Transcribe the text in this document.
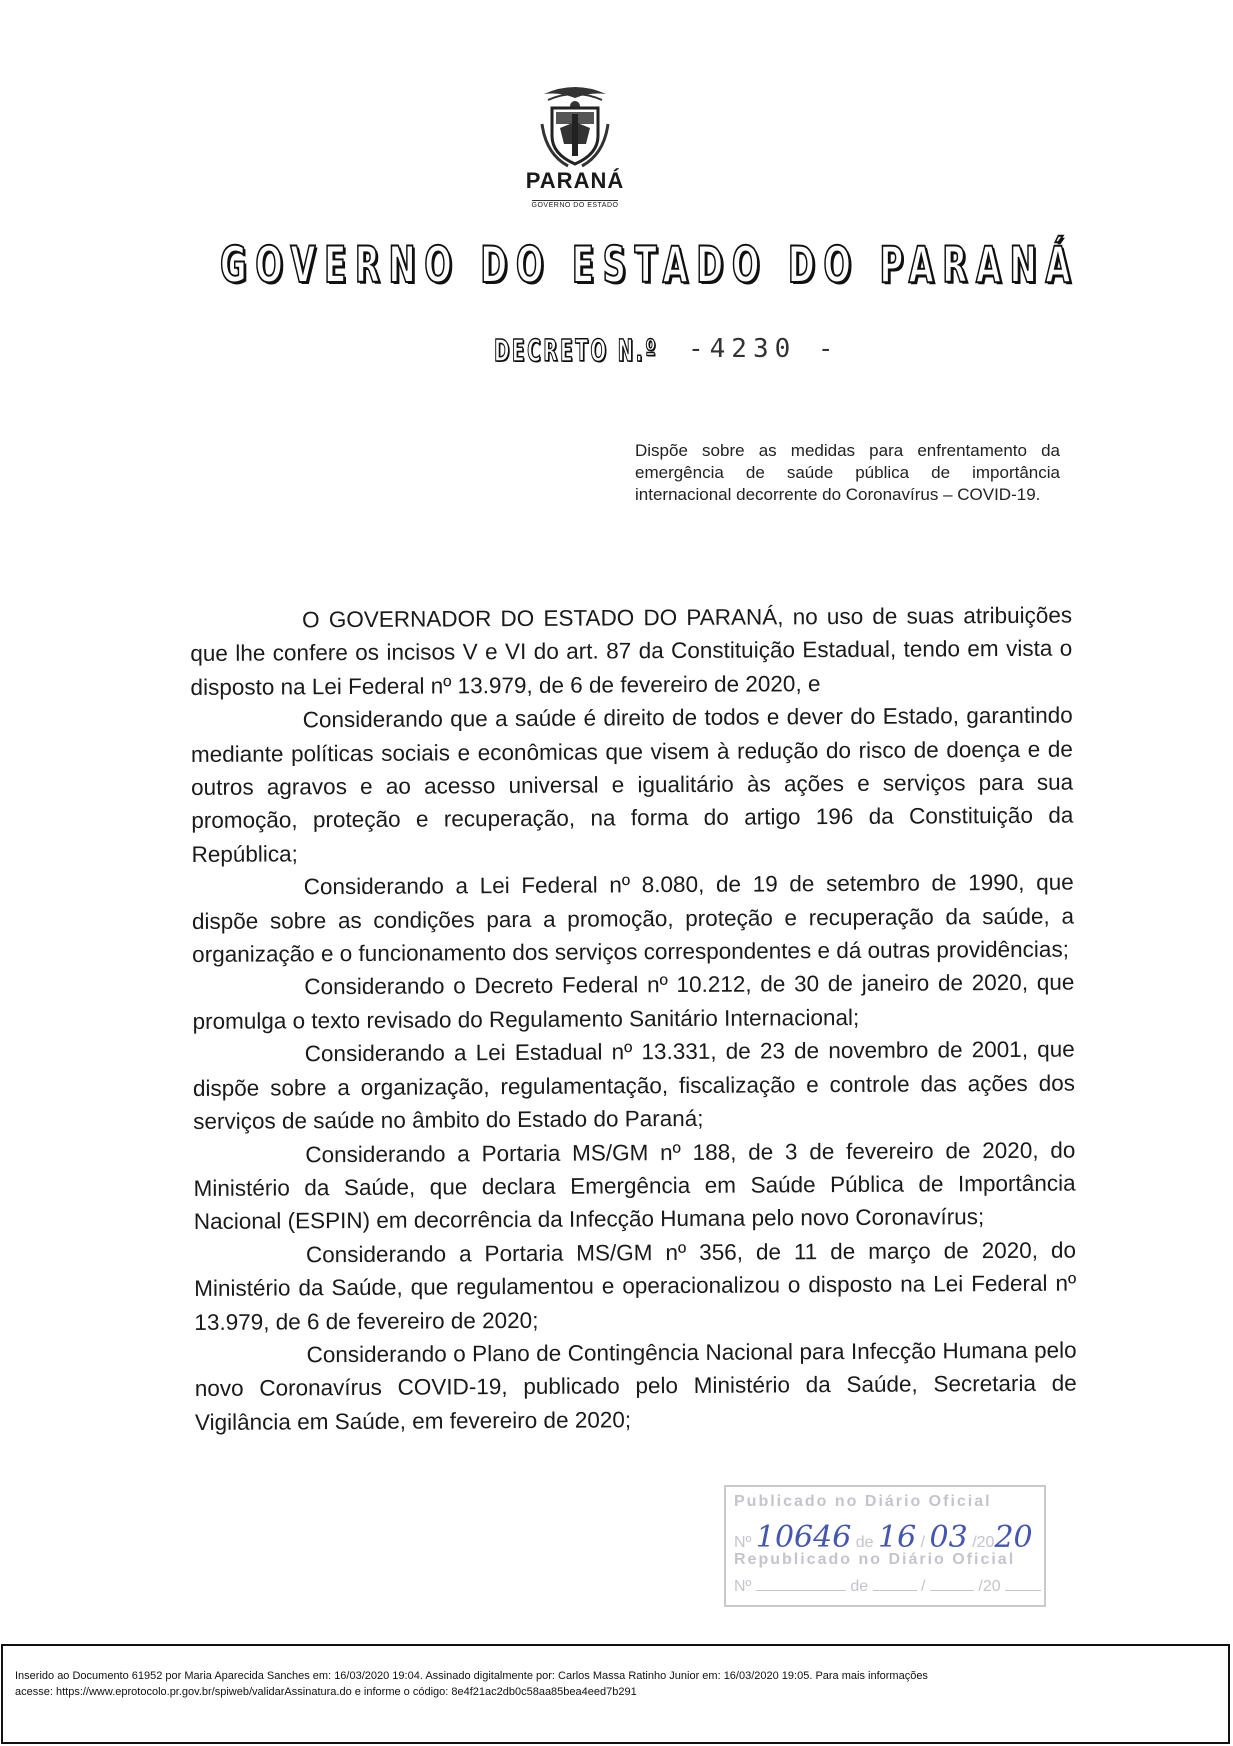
PARANÁ
GOVERNO DO ESTADO
GOVERNO DO ESTADO DO PARANÁ
DECRETO N.º -4230 -
Dispõe sobre as medidas para enfrentamento da emergência de saúde pública de importância internacional decorrente do Coronavírus – COVID-19.

O GOVERNADOR DO ESTADO DO PARANÁ, no uso de suas atribuições que lhe confere os incisos V e VI do art. 87 da Constituição Estadual, tendo em vista o disposto na Lei Federal nº 13.979, de 6 de fevereiro de 2020, e

Considerando que a saúde é direito de todos e dever do Estado, garantindo mediante políticas sociais e econômicas que visem à redução do risco de doença e de outros agravos e ao acesso universal e igualitário às ações e serviços para sua promoção, proteção e recuperação, na forma do artigo 196 da Constituição da República;

Considerando a Lei Federal nº 8.080, de 19 de setembro de 1990, que dispõe sobre as condições para a promoção, proteção e recuperação da saúde, a organização e o funcionamento dos serviços correspondentes e dá outras providências;

Considerando o Decreto Federal nº 10.212, de 30 de janeiro de 2020, que promulga o texto revisado do Regulamento Sanitário Internacional;

Considerando a Lei Estadual nº 13.331, de 23 de novembro de 2001, que dispõe sobre a organização, regulamentação, fiscalização e controle das ações dos serviços de saúde no âmbito do Estado do Paraná;

Considerando a Portaria MS/GM nº 188, de 3 de fevereiro de 2020, do Ministério da Saúde, que declara Emergência em Saúde Pública de Importância Nacional (ESPIN) em decorrência da Infecção Humana pelo novo Coronavírus;

Considerando a Portaria MS/GM nº 356, de 11 de março de 2020, do Ministério da Saúde, que regulamentou e operacionalizou o disposto na Lei Federal nº 13.979, de 6 de fevereiro de 2020;

Considerando o Plano de Contingência Nacional para Infecção Humana pelo novo Coronavírus COVID-19, publicado pelo Ministério da Saúde, Secretaria de Vigilância em Saúde, em fevereiro de 2020;

Publicado no Diário Oficial
Nº 10646 de 16 / 03 /2020
Republicado no Diário Oficial
Nº	de	/	/20
Inserido ao Documento 61952 por Maria Aparecida Sanches em: 16/03/2020 19:04. Assinado digitalmente por: Carlos Massa Ratinho Junior em: 16/03/2020 19:05. Para mais informações
acesse: https://www.eprotocolo.pr.gov.br/spiweb/validarAssinatura.do e informe o código: 8e4f21ac2db0c58aa85bea4eed7b291
